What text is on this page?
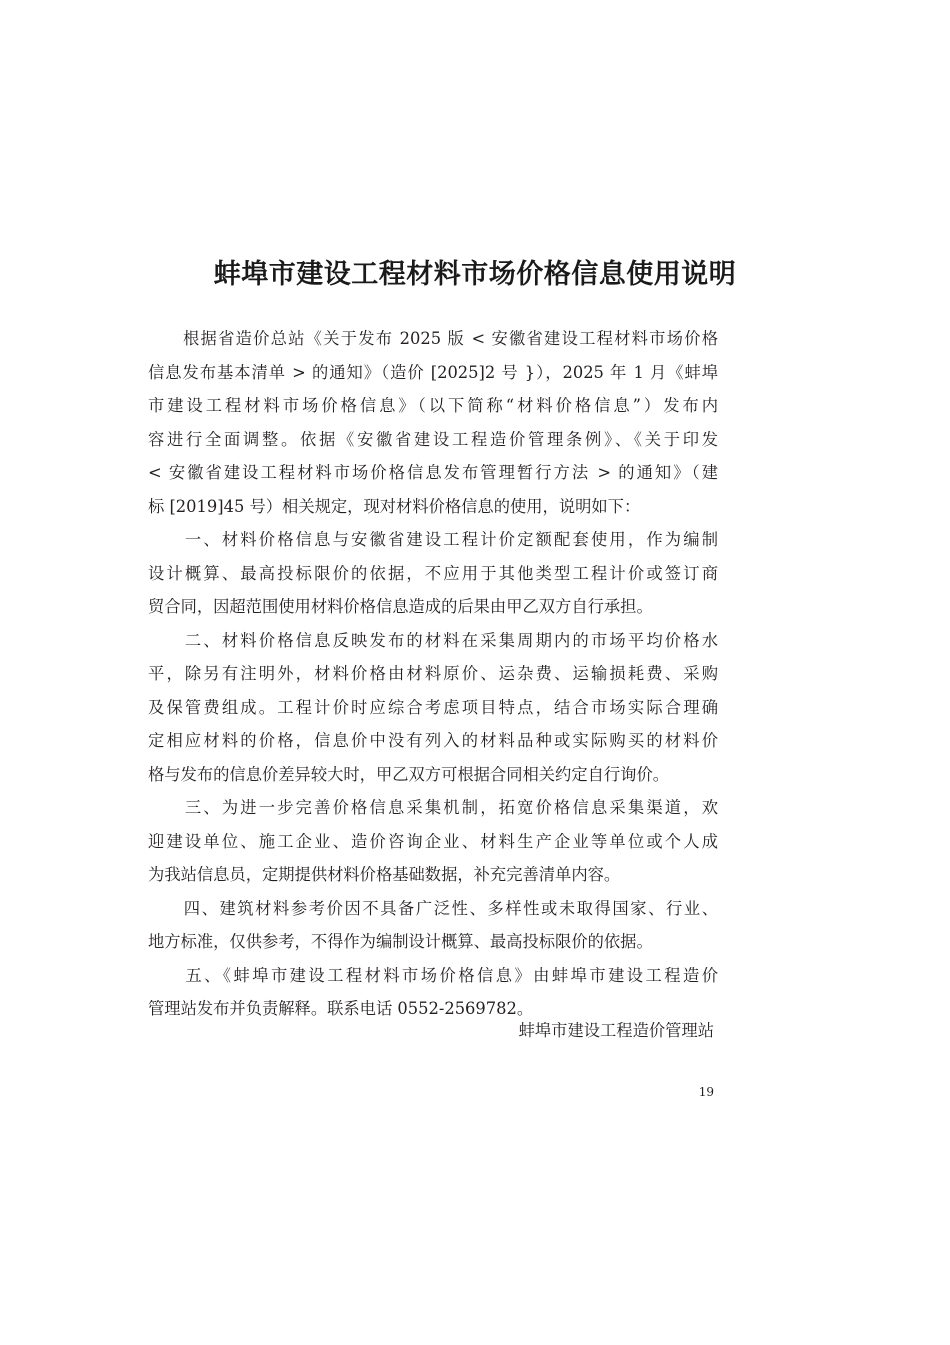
蚌埠市建设工程材料市场价格信息使用说明
　　根据省造价总站《关于发布 2025 版 < 安徽省建设工程材料市场价格
信息发布基本清单 > 的通知》（造价 [2025]2 号 }），2025 年 1 月《蚌埠
市建设工程材料市场价格信息》（以下简称“材料价格信息”）发布内
容进行全面调整。依据《安徽省建设工程造价管理条例》、《关于印发
< 安徽省建设工程材料市场价格信息发布管理暂行方法 > 的通知》（建
标 [2019]45 号）相关规定，现对材料价格信息的使用，说明如下：
　　一、材料价格信息与安徽省建设工程计价定额配套使用，作为编制
设计概算、最高投标限价的依据，不应用于其他类型工程计价或签订商
贸合同，因超范围使用材料价格信息造成的后果由甲乙双方自行承担。
　　二、材料价格信息反映发布的材料在采集周期内的市场平均价格水
平，除另有注明外，材料价格由材料原价、运杂费、运输损耗费、采购
及保管费组成。工程计价时应综合考虑项目特点，结合市场实际合理确
定相应材料的价格，信息价中没有列入的材料品种或实际购买的材料价
格与发布的信息价差异较大时，甲乙双方可根据合同相关约定自行询价。
　　三、为进一步完善价格信息采集机制，拓宽价格信息采集渠道，欢
迎建设单位、施工企业、造价咨询企业、材料生产企业等单位或个人成
为我站信息员，定期提供材料价格基础数据，补充完善清单内容。
　　四、建筑材料参考价因不具备广泛性、多样性或未取得国家、行业、
地方标准，仅供参考，不得作为编制设计概算、最高投标限价的依据。
　　五、《蚌埠市建设工程材料市场价格信息》由蚌埠市建设工程造价
管理站发布并负责解释。联系电话 0552-2569782。
蚌埠市建设工程造价管理站
19
